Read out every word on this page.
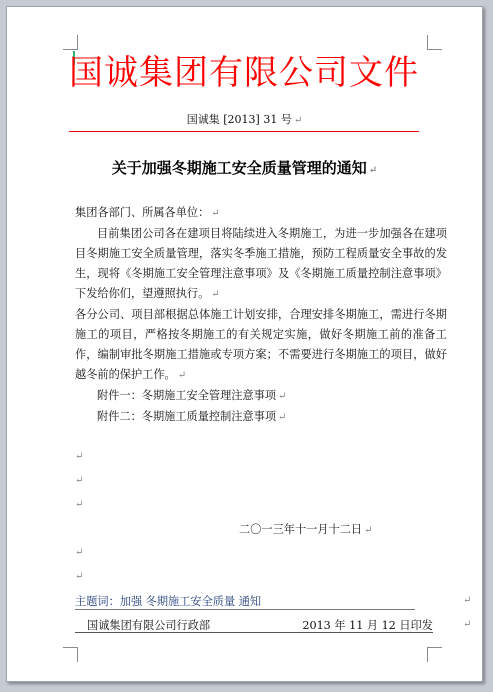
国诚集团有限公司文件
国诚集 [2013] 31 号 ↵
关于加强冬期施工安全质量管理的通知 ↵

集团各部门、所属各单位： ↵

目前集团公司各在建项目将陆续进入冬期施工，为进一步加强各在建项目冬期施工安全质量管理，落实冬季施工措施，预防工程质量安全事故的发生，现将《冬期施工安全管理注意事项》及《冬期施工质量控制注意事项》下发给你们，望遵照执行。 ↵

各分公司、项目部根据总体施工计划安排，合理安排冬期施工，需进行冬期施工的项目，严格按冬期施工的有关规定实施，做好冬期施工前的准备工作，编制审批冬期施工措施或专项方案；不需要进行冬期施工的项目，做好越冬前的保护工作。 ↵

附件一：冬期施工安全管理注意事项 ↵

附件二：冬期施工质量控制注意事项 ↵

↵
↵
↵
二〇一三年十一月十二日 ↵
↵
↵
主题词：加强 冬期施工安全质量 通知	↵
国诚集团有限公司行政部	2013 年 11 月 12 日印发
	↵
